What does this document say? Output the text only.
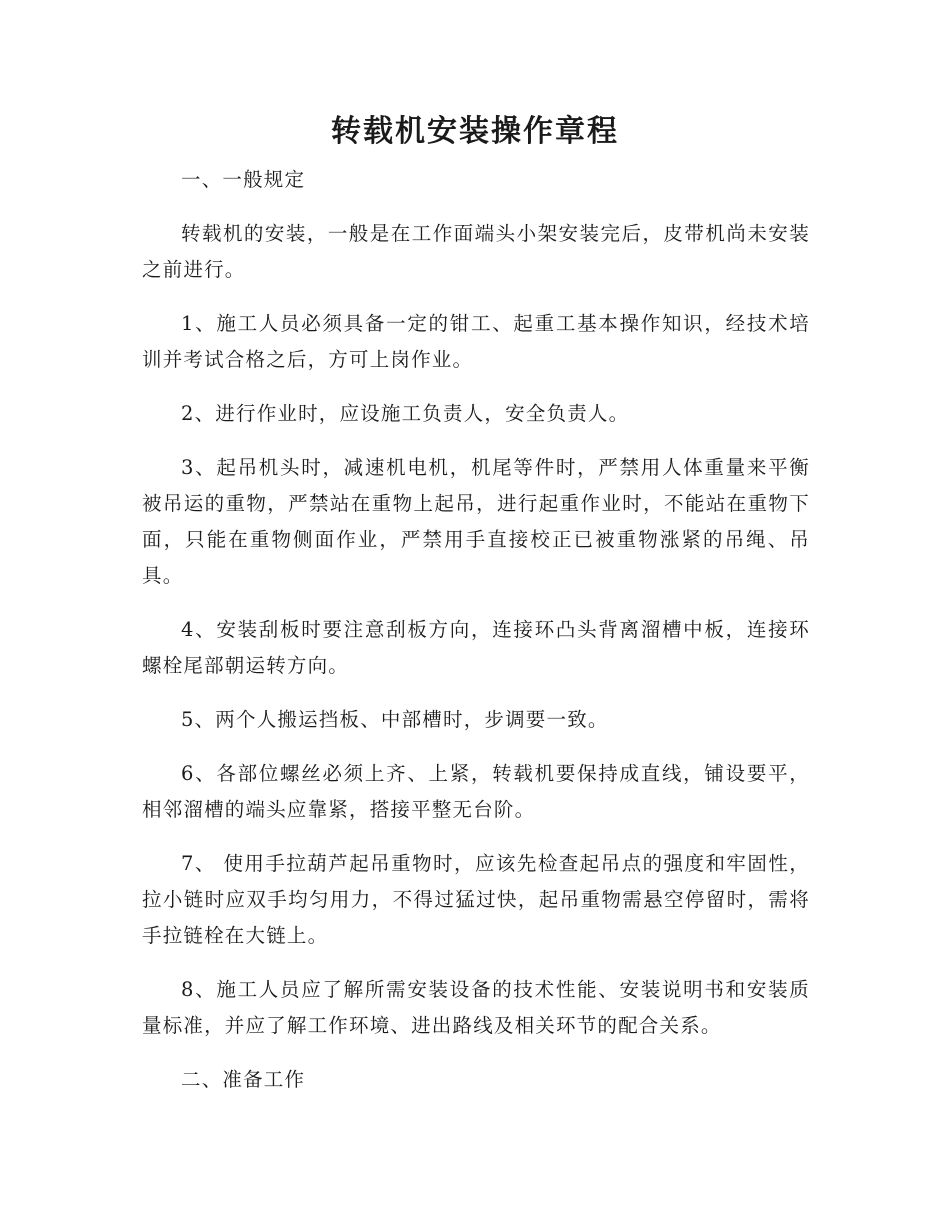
转载机安装操作章程

一、一般规定

转载机的安装，一般是在工作面端头小架安装完后，皮带机尚未安装之前进行。

1、施工人员必须具备一定的钳工、起重工基本操作知识，经技术培训并考试合格之后，方可上岗作业。

2、进行作业时，应设施工负责人，安全负责人。

3、起吊机头时，减速机电机，机尾等件时，严禁用人体重量来平衡被吊运的重物，严禁站在重物上起吊，进行起重作业时，不能站在重物下面，只能在重物侧面作业，严禁用手直接校正已被重物涨紧的吊绳、吊具。

4、安装刮板时要注意刮板方向，连接环凸头背离溜槽中板，连接环螺栓尾部朝运转方向。

5、两个人搬运挡板、中部槽时，步调要一致。

6、各部位螺丝必须上齐、上紧，转载机要保持成直线，铺设要平，相邻溜槽的端头应靠紧，搭接平整无台阶。

7、 使用手拉葫芦起吊重物时，应该先检查起吊点的强度和牢固性，拉小链时应双手均匀用力，不得过猛过快，起吊重物需悬空停留时，需将手拉链栓在大链上。

8、施工人员应了解所需安装设备的技术性能、安装说明书和安装质量标准，并应了解工作环境、进出路线及相关环节的配合关系。

二、准备工作
